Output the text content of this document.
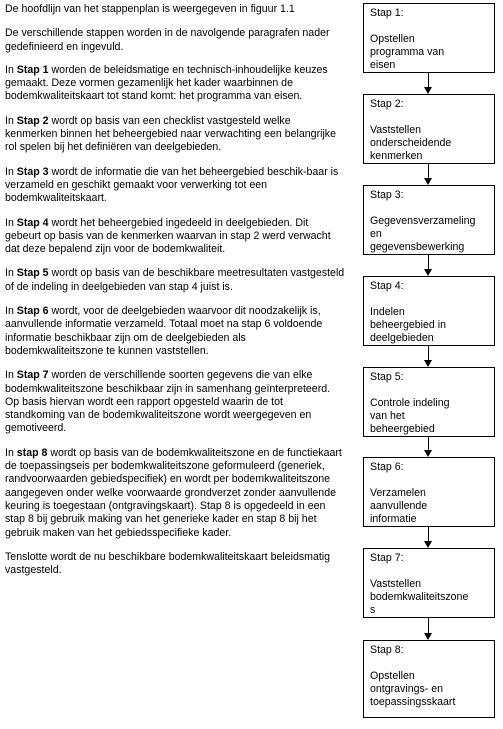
De hoofdlijn van het stappenplan is weergegeven in figuur 1.1

De verschillende stappen worden in de navolgende paragrafen nader gedefinieerd en ingevuld.

In Stap 1 worden de beleidsmatige en technisch-inhoudelijke keuzes gemaakt. Deze vormen gezamenlijk het kader waarbinnen de bodemkwaliteitskaart tot stand komt: het programma van eisen.

In Stap 2 wordt op basis van een checklist vastgesteld welke kenmerken binnen het beheergebied naar verwachting een belangrijke rol spelen bij het definiëren van deelgebieden.

In Stap 3 wordt de informatie die van het beheergebied beschik-baar is verzameld en geschikt gemaakt voor verwerking tot een bodemkwaliteitskaart.

In Stap 4 wordt het beheergebied ingedeeld in deelgebieden. Dit gebeurt op basis van de kenmerken waarvan in stap 2 werd verwacht dat deze bepalend zijn voor de bodemkwaliteit.

In Stap 5 wordt op basis van de beschikbare meetresultaten vastgesteld of de indeling in deelgebieden van stap 4 juist is.

In Stap 6 wordt, voor de deelgebieden waarvoor dit noodzakelijk is, aanvullende informatie verzameld. Totaal moet na stap 6 voldoende informatie beschikbaar zijn om de deelgebieden als bodemkwaliteitszone te kunnen vaststellen.

In Stap 7 worden de verschillende soorten gegevens die van elke bodemkwaliteitszone beschikbaar zijn in samenhang geïnterpreteerd. Op basis hiervan wordt een rapport opgesteld waarin de tot standkoming van de bodemkwaliteitszone wordt weergegeven en gemotiveerd.

In stap 8 wordt op basis van de bodemkwaliteitszone en de functiekaart de toepassingseis per bodemkwaliteitszone geformuleerd (generiek, randvoorwaarden gebiedspecifiek) en wordt per bodemkwaliteitszone aangegeven onder welke voorwaarde grondverzet zonder aanvullende keuring is toegestaan (ontgravingskaart). Stap 8 is opgedeeld in een stap 8 bij gebruik making van het generieke kader en stap 8 bij het gebruik maken van het gebiedsspecifieke kader.

Tenslotte wordt de nu beschikbare bodemkwaliteitskaart beleidsmatig vastgesteld.

Stap 1:
Opstellen
programma van
eisen
Stap 2:
Vaststellen
onderscheidende
kenmerken
Stap 3:
Gegevensverzameling
en
gegevensbewerking
Stap 4:
Indelen
beheergebied in
deelgebieden
Stap 5:
Controle indeling
van het
beheergebied
Stap 6:
Verzamelen
aanvullende
informatie
Stap 7:
Vaststellen
bodemkwaliteitszone
s
Stap 8:
Opstellen
ontgravings- en
toepassingsskaart
